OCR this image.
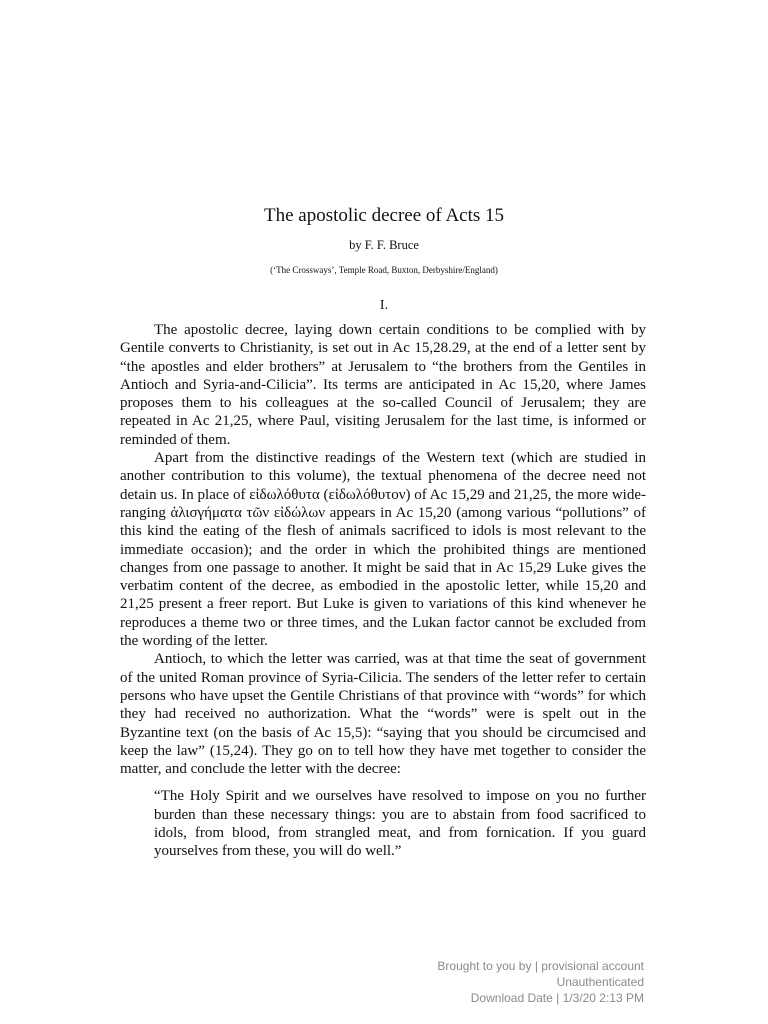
The apostolic decree of Acts 15
by F. F. Bruce
(‘The Crossways’, Temple Road, Buxton, Derbyshire/England)
I.

The apostolic decree, laying down certain conditions to be complied with by Gentile converts to Christianity, is set out in Ac 15,28.29, at the end of a letter sent by “the apostles and elder brothers” at Jerusalem to “the brothers from the Gentiles in Antioch and Syria-and-Cilicia”. Its terms are anticipated in Ac 15,20, where James proposes them to his colleagues at the so-called Council of Jerusalem; they are repeated in Ac 21,25, where Paul, visiting Jerusalem for the last time, is informed or reminded of them.

Apart from the distinctive readings of the Western text (which are studied in another contribution to this volume), the textual phenomena of the decree need not detain us. In place of εἰδωλόθυτα (εἰδωλόθυτον) of Ac 15,29 and 21,25, the more wide-ranging ἀλισγήματα τῶν εἰδώλων appears in Ac 15,20 (among various “pollutions” of this kind the eating of the flesh of animals sacrificed to idols is most relevant to the immediate occasion); and the order in which the prohibited things are mentioned changes from one passage to another. It might be said that in Ac 15,29 Luke gives the verbatim content of the decree, as embodied in the apostolic letter, while 15,20 and 21,25 present a freer report. But Luke is given to variations of this kind whenever he reproduces a theme two or three times, and the Lukan factor cannot be excluded from the wording of the letter.

Antioch, to which the letter was carried, was at that time the seat of government of the united Roman province of Syria-Cilicia. The senders of the letter refer to certain persons who have upset the Gentile Christians of that province with “words” for which they had received no authorization. What the “words” were is spelt out in the Byzantine text (on the basis of Ac 15,5): “saying that you should be circumcised and keep the law” (15,24). They go on to tell how they have met together to consider the matter, and conclude the letter with the decree:

“The Holy Spirit and we ourselves have resolved to impose on you no further burden than these necessary things: you are to abstain from food sacrificed to idols, from blood, from strangled meat, and from fornication. If you guard yourselves from these, you will do well.”

Brought to you by | provisional account
Unauthenticated
Download Date | 1/3/20 2:13 PM
